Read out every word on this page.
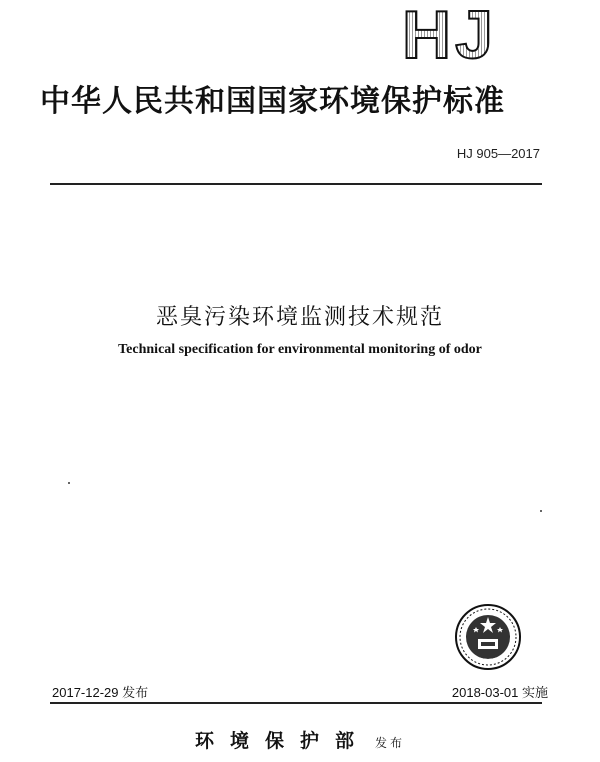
HJ
中华人民共和国国家环境保护标准
HJ 905—2017
恶臭污染环境监测技术规范
Technical specification for environmental monitoring of odor
2017-12-29 发布	2018-03-01 实施
环境保护部 发布
